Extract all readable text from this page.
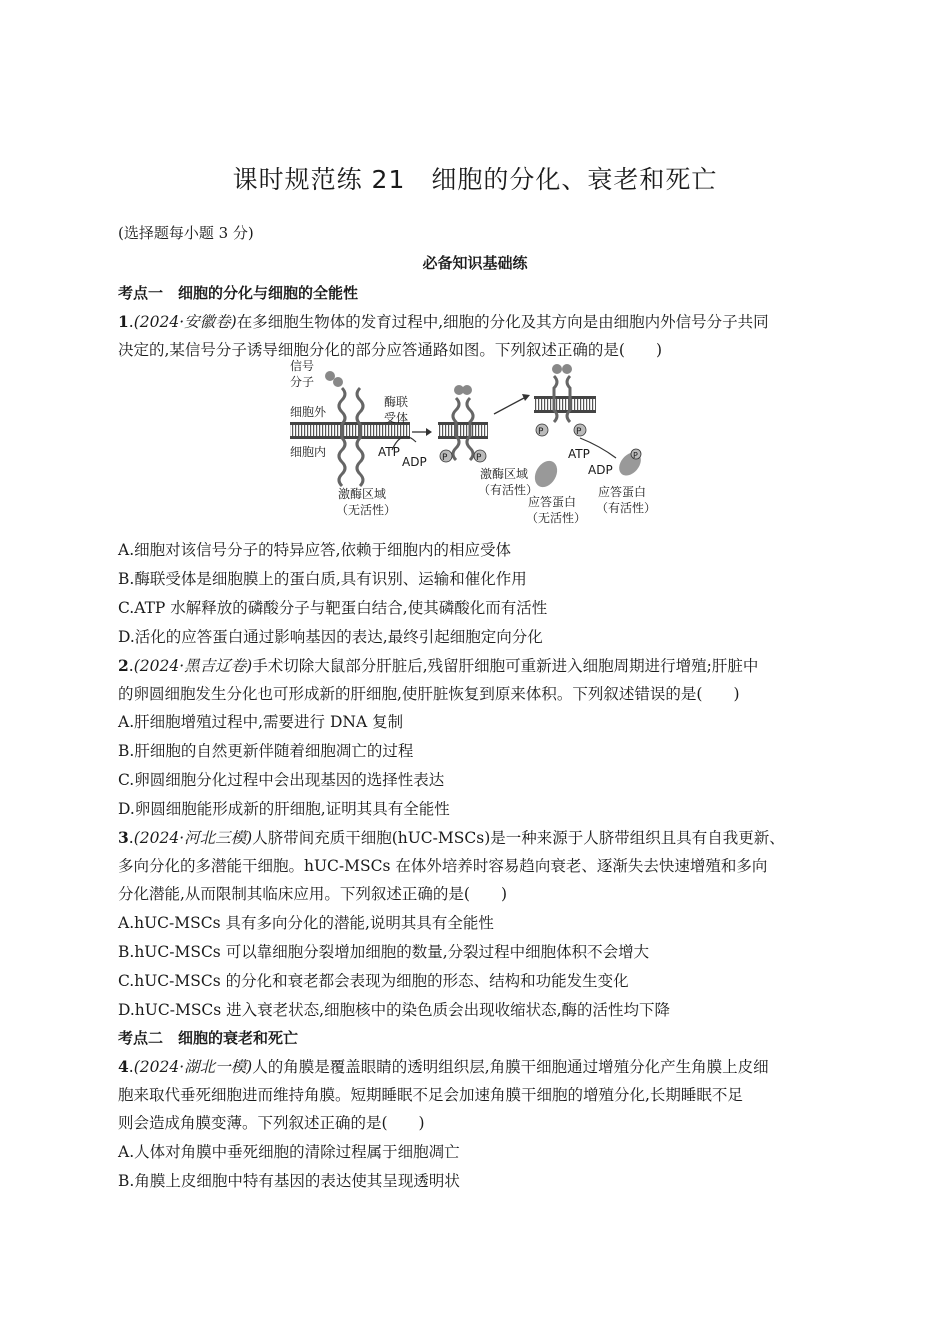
课时规范练 21　细胞的分化、衰老和死亡
(选择题每小题 3 分)
必备知识基础练
考点一　细胞的分化与细胞的全能性
1.(2024·安徽卷)在多细胞生物体的发育过程中,细胞的分化及其方向是由细胞内外信号分子共同
决定的,某信号分子诱导细胞分化的部分应答通路如图。下列叙述正确的是(　　)
信号
分子
细胞外
细胞内
酶联
受体
ATP
ADP
激酶区域
（无活性）
P	P
激酶区域
（有活性）
P	P
ATP
ADP
P
应答蛋白
（无活性）
应答蛋白
（有活性）
A.细胞对该信号分子的特异应答,依赖于细胞内的相应受体
B.酶联受体是细胞膜上的蛋白质,具有识别、运输和催化作用
C.ATP 水解释放的磷酸分子与靶蛋白结合,使其磷酸化而有活性
D.活化的应答蛋白通过影响基因的表达,最终引起细胞定向分化
2.(2024·黑吉辽卷)手术切除大鼠部分肝脏后,残留肝细胞可重新进入细胞周期进行增殖;肝脏中
的卵圆细胞发生分化也可形成新的肝细胞,使肝脏恢复到原来体积。下列叙述错误的是(　　)
A.肝细胞增殖过程中,需要进行 DNA 复制
B.肝细胞的自然更新伴随着细胞凋亡的过程
C.卵圆细胞分化过程中会出现基因的选择性表达
D.卵圆细胞能形成新的肝细胞,证明其具有全能性
3.(2024·河北三模)人脐带间充质干细胞(hUC-MSCs)是一种来源于人脐带组织且具有自我更新、
多向分化的多潜能干细胞。hUC-MSCs 在体外培养时容易趋向衰老、逐渐失去快速增殖和多向
分化潜能,从而限制其临床应用。下列叙述正确的是(　　)
A.hUC-MSCs 具有多向分化的潜能,说明其具有全能性
B.hUC-MSCs 可以靠细胞分裂增加细胞的数量,分裂过程中细胞体积不会增大
C.hUC-MSCs 的分化和衰老都会表现为细胞的形态、结构和功能发生变化
D.hUC-MSCs 进入衰老状态,细胞核中的染色质会出现收缩状态,酶的活性均下降
考点二　细胞的衰老和死亡
4.(2024·湖北一模)人的角膜是覆盖眼睛的透明组织层,角膜干细胞通过增殖分化产生角膜上皮细
胞来取代垂死细胞进而维持角膜。短期睡眠不足会加速角膜干细胞的增殖分化,长期睡眠不足
则会造成角膜变薄。下列叙述正确的是(　　)
A.人体对角膜中垂死细胞的清除过程属于细胞凋亡
B.角膜上皮细胞中特有基因的表达使其呈现透明状
